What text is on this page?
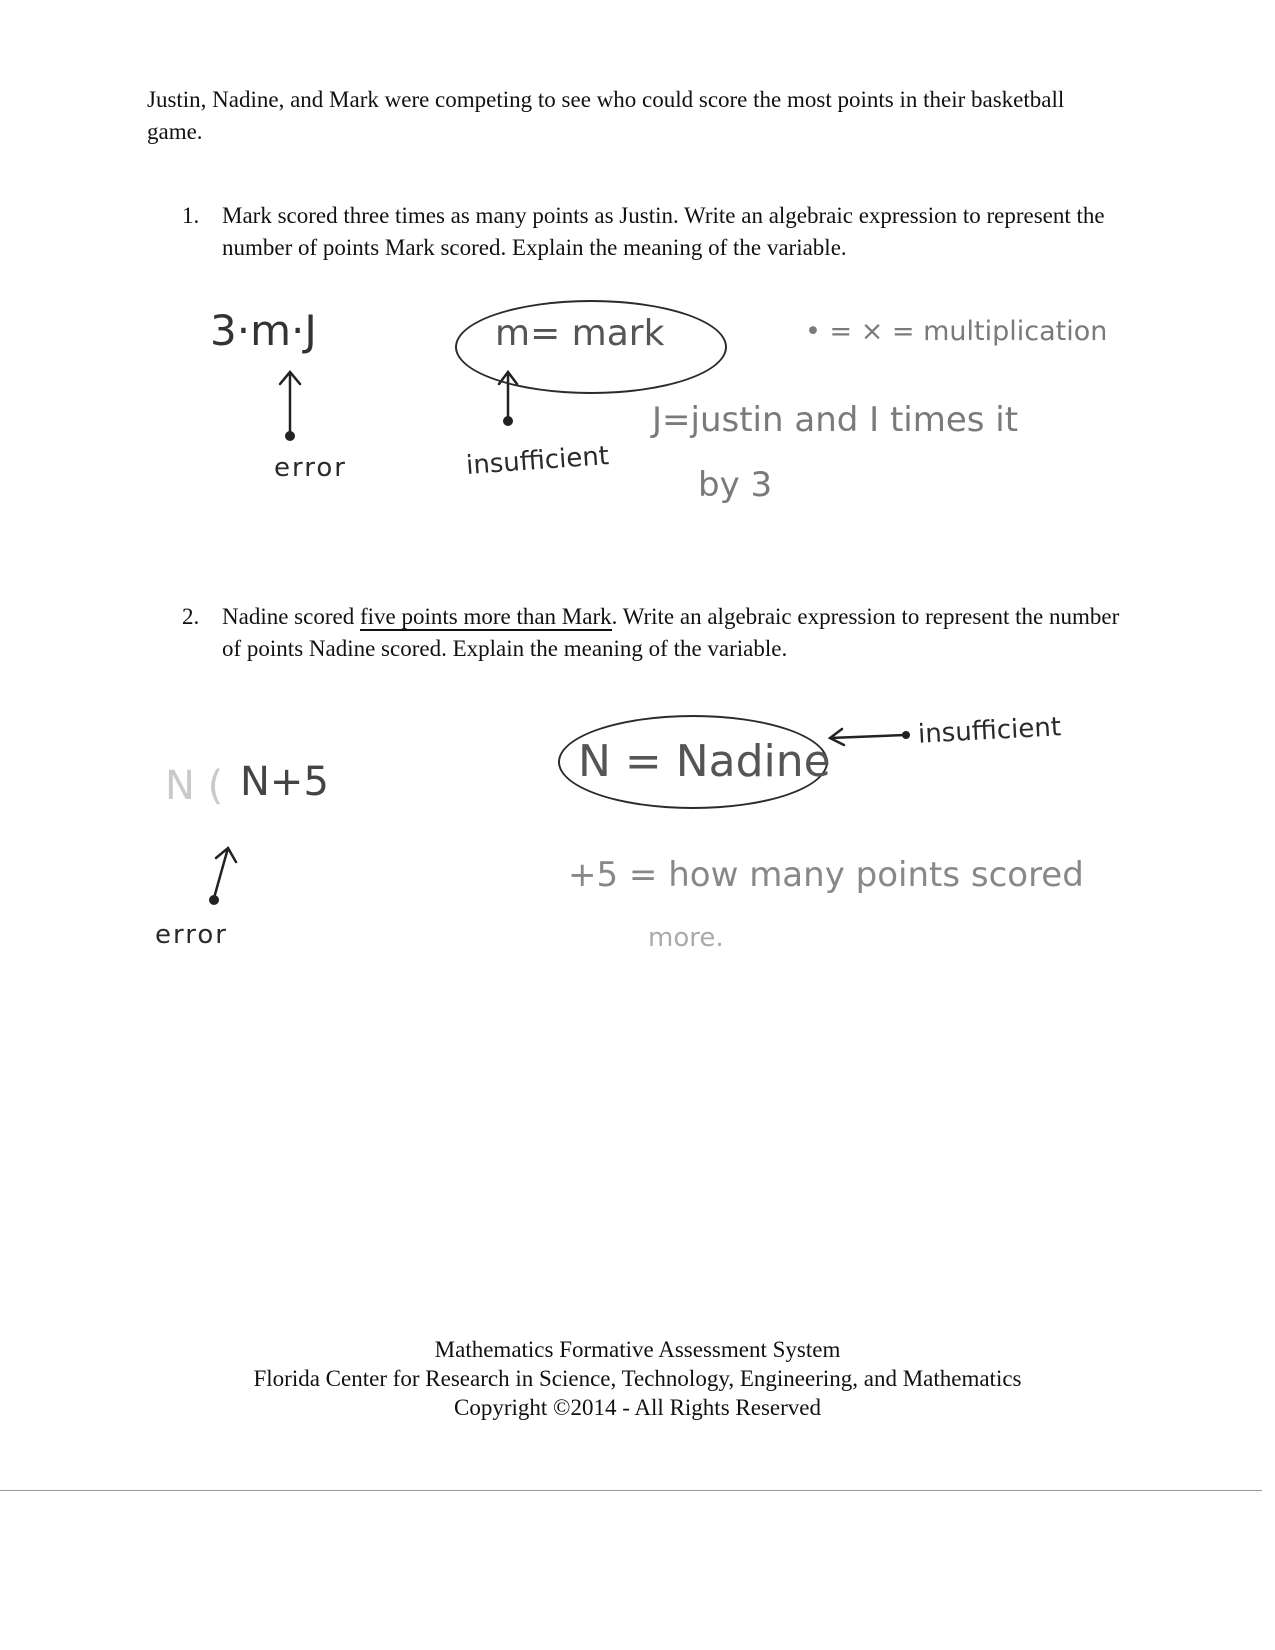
Justin, Nadine, and Mark were competing to see who could score the most points in their basketball game.
1. Mark scored three times as many points as Justin. Write an algebraic expression to represent the number of points Mark scored. Explain the meaning of the variable.
2. Nadine scored five points more than Mark. Write an algebraic expression to represent the number of points Nadine scored. Explain the meaning of the variable.
3·m·J	m= mark	• = × = multiplication
J=justin and I times it
by 3
error	insufficient
N ( N+5	N = Nadine
insufficient
+5 = how many points scored
more.
error
Mathematics Formative Assessment System
Florida Center for Research in Science, Technology, Engineering, and Mathematics
Copyright ©2014 - All Rights Reserved
